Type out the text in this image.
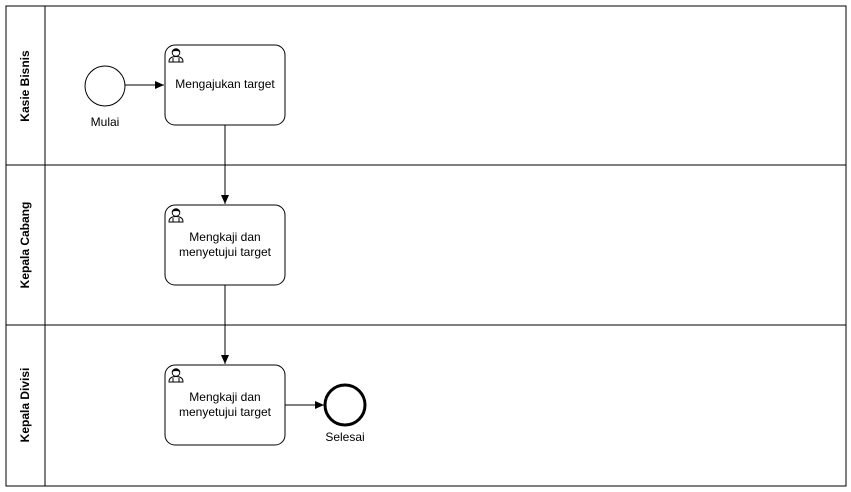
Kasie Bisnis
Kepala Cabang
Kepala Divisi
Mulai
Mengajukan target
Mengkaji dan
menyetujui target
Mengkaji dan
menyetujui target
Selesai
